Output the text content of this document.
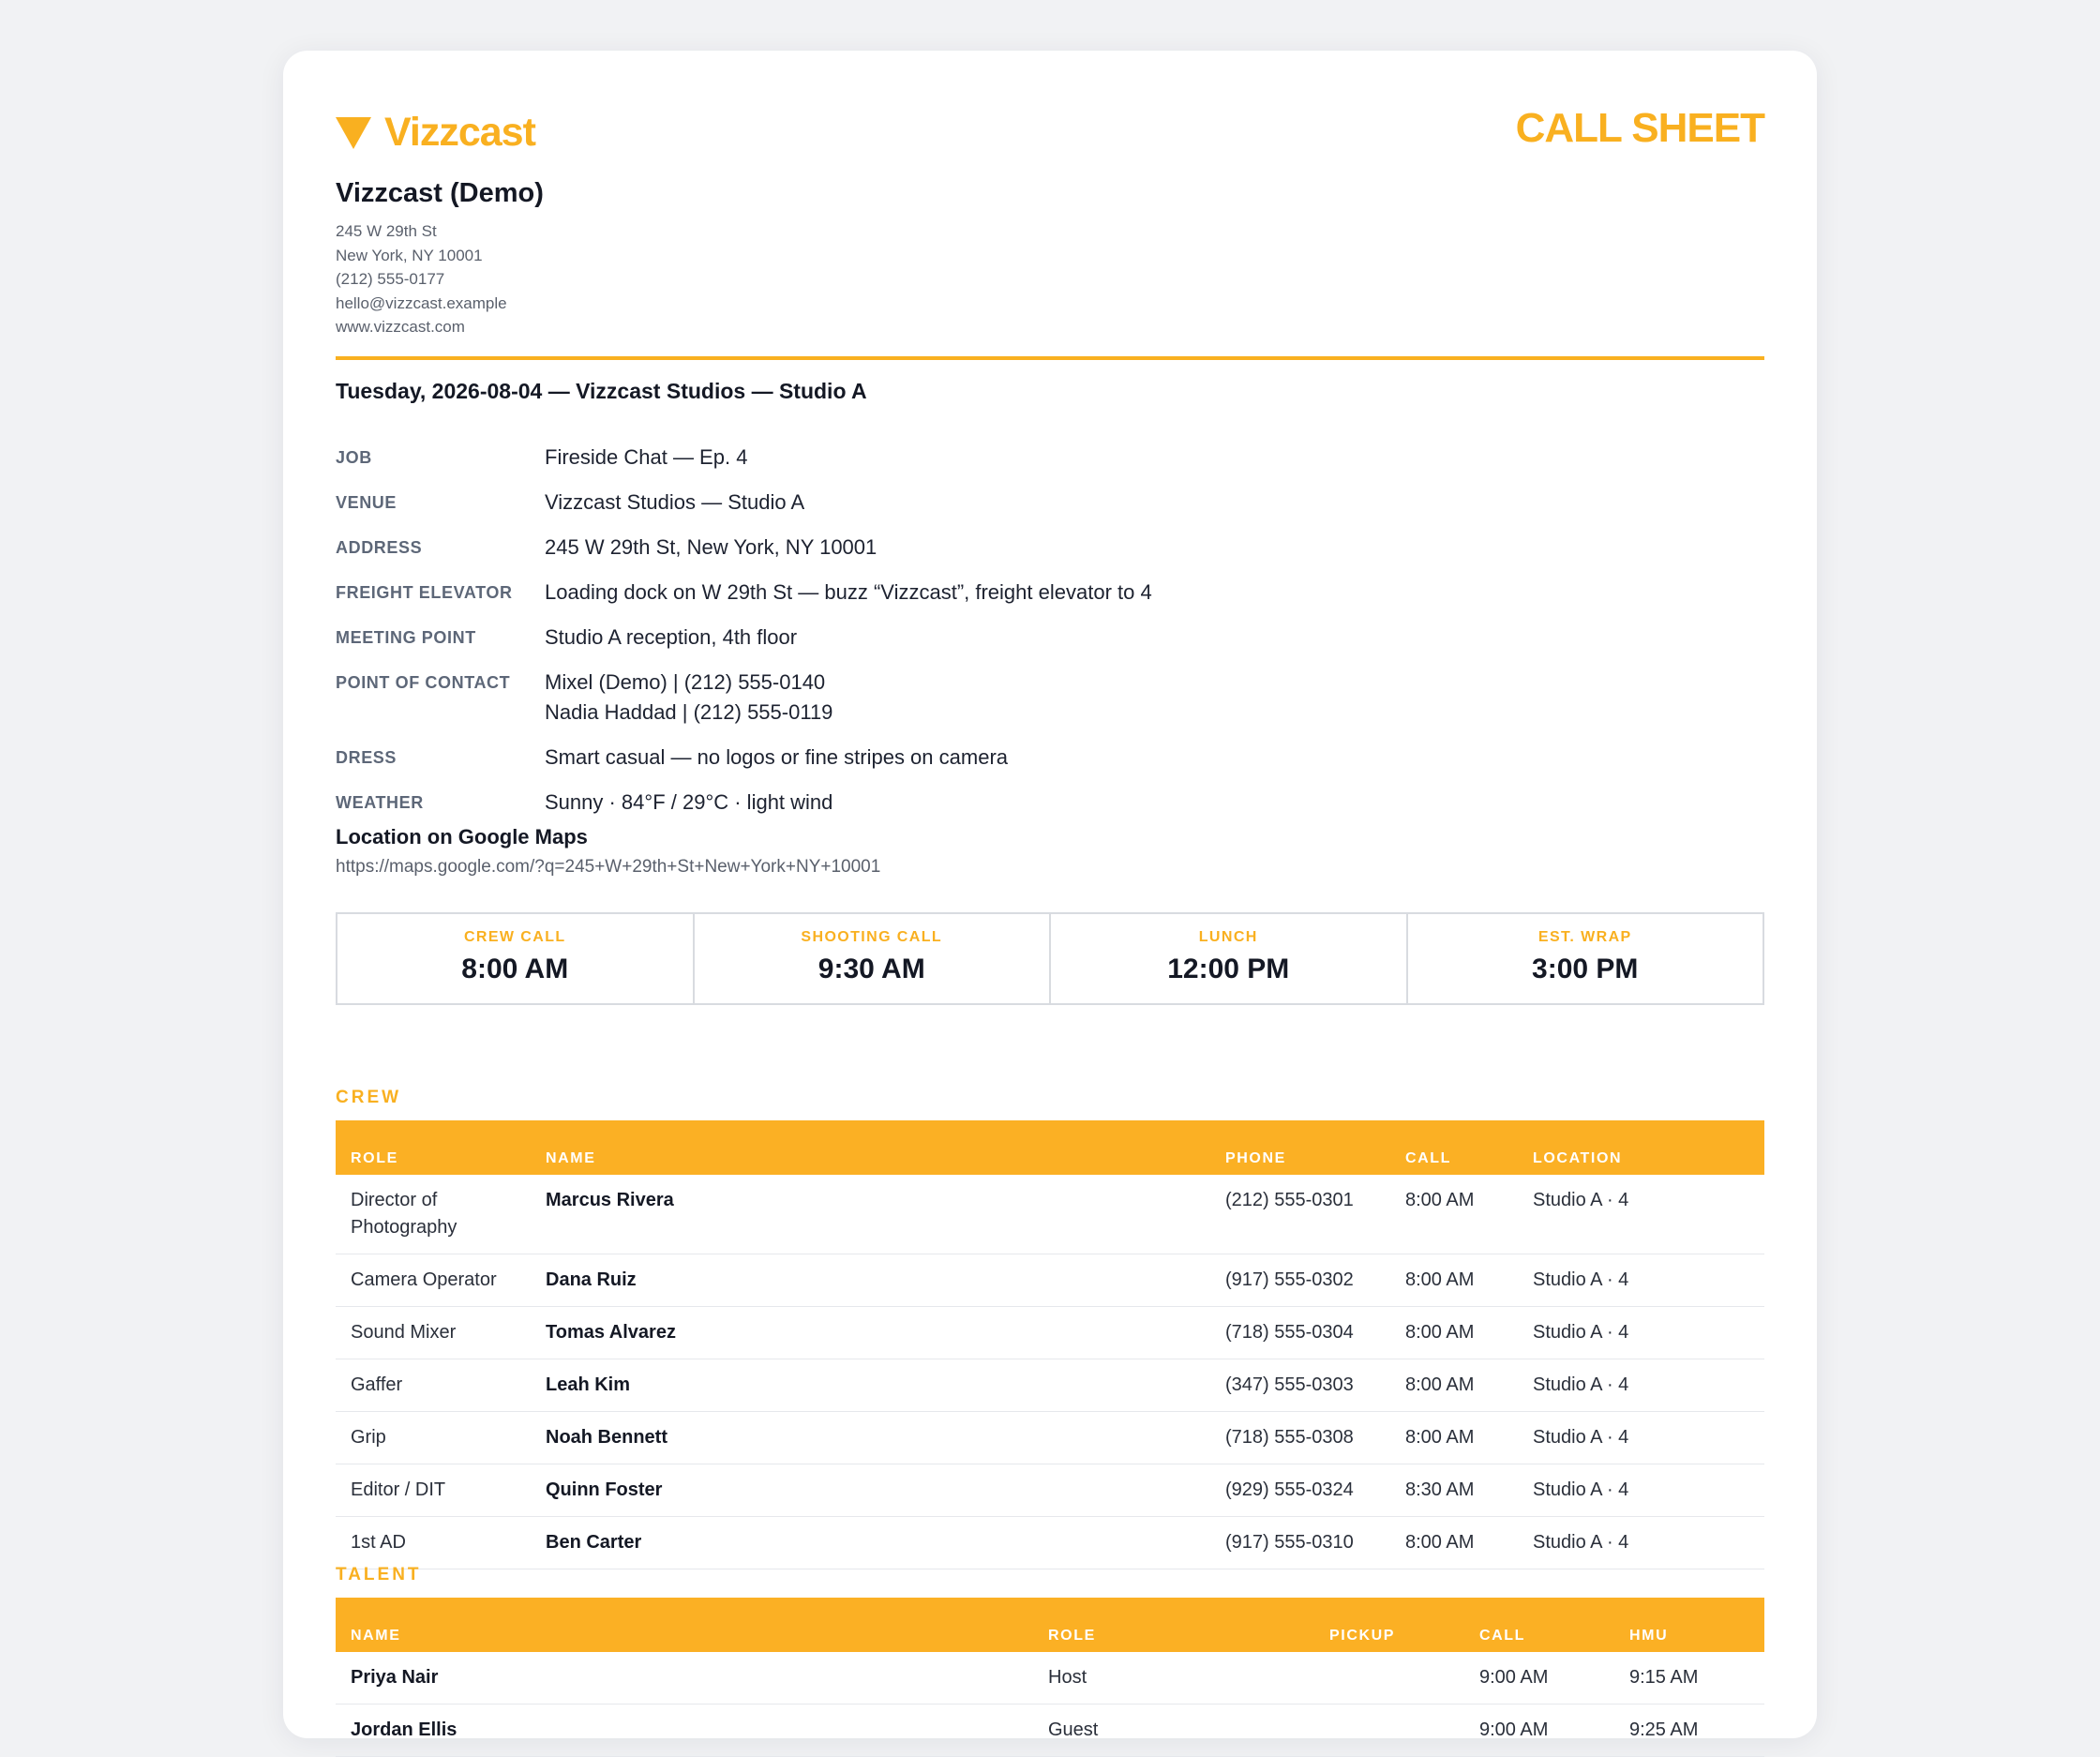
Vizzcast	CALL SHEET
Vizzcast (Demo)
245 W 29th St
New York, NY 10001
(212) 555-0177
hello@vizzcast.example
www.vizzcast.com
Tuesday, 2026-08-04 — Vizzcast Studios — Studio A
JOB	Fireside Chat — Ep. 4
VENUE	Vizzcast Studios — Studio A
ADDRESS	245 W 29th St, New York, NY 10001
FREIGHT ELEVATOR	Loading dock on W 29th St — buzz “Vizzcast”, freight elevator to 4
MEETING POINT	Studio A reception, 4th floor
POINT OF CONTACT	Mixel (Demo) | (212) 555-0140
Nadia Haddad | (212) 555-0119
DRESS	Smart casual — no logos or fine stripes on camera
WEATHER	Sunny · 84°F / 29°C · light wind
Location on Google Maps
https://maps.google.com/?q=245+W+29th+St+New+York+NY+10001
CREW CALL
8:00 AM
SHOOTING CALL
9:30 AM
LUNCH
12:00 PM
EST. WRAP
3:00 PM
CREW
ROLE	NAME	PHONE	CALL	LOCATION
Director of Photography	Marcus Rivera	(212) 555-0301	8:00 AM	Studio A · 4
Camera Operator	Dana Ruiz	(917) 555-0302	8:00 AM	Studio A · 4
Sound Mixer	Tomas Alvarez	(718) 555-0304	8:00 AM	Studio A · 4
Gaffer	Leah Kim	(347) 555-0303	8:00 AM	Studio A · 4
Grip	Noah Bennett	(718) 555-0308	8:00 AM	Studio A · 4
Editor / DIT	Quinn Foster	(929) 555-0324	8:30 AM	Studio A · 4
1st AD	Ben Carter	(917) 555-0310	8:00 AM	Studio A · 4
TALENT
NAME	ROLE	PICKUP	CALL	HMU
Priya Nair	Host		9:00 AM	9:15 AM
Jordan Ellis	Guest		9:00 AM	9:25 AM
